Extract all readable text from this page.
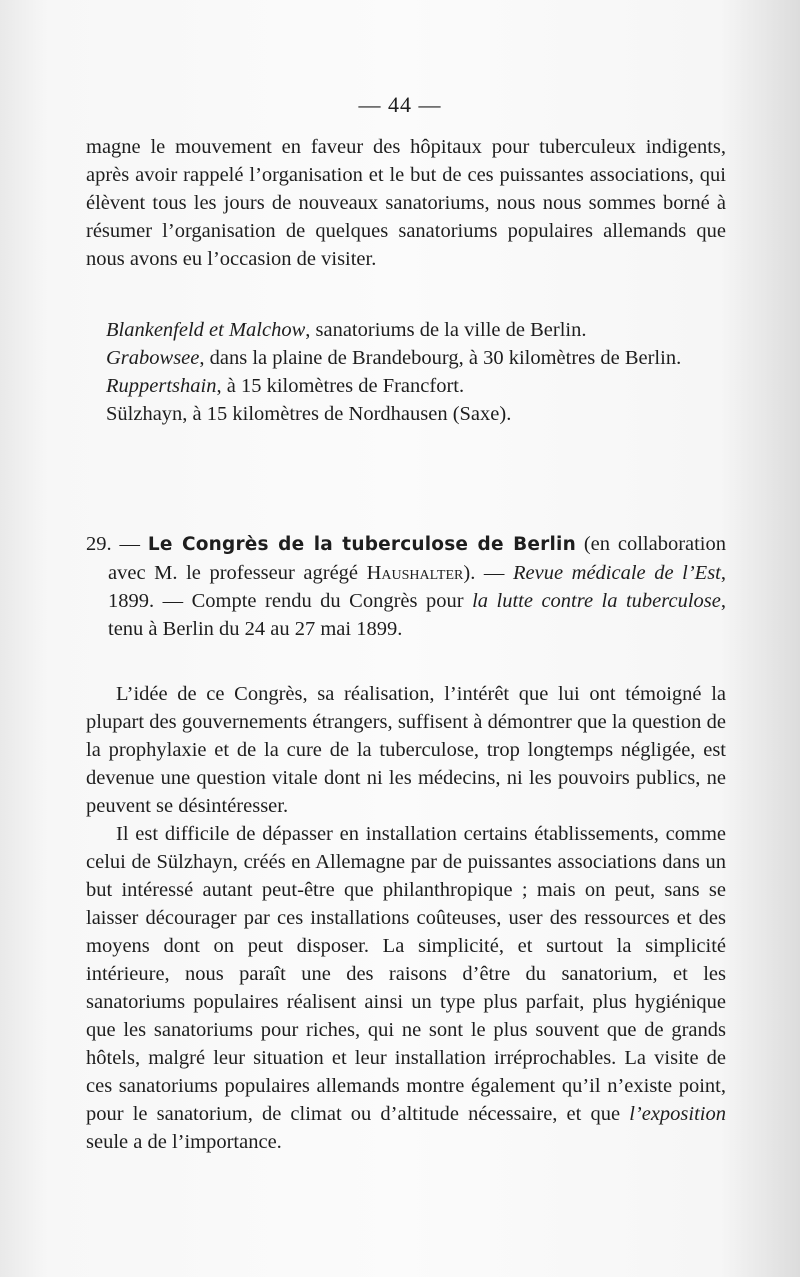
— 44 —

magne le mouvement en faveur des hôpitaux pour tuberculeux indigents, après avoir rappelé l’organisation et le but de ces puissantes associations, qui élèvent tous les jours de nouveaux sanatoriums, nous nous sommes borné à résumer l’organisation de quelques sanatoriums populaires allemands que nous avons eu l’occasion de visiter.

Blankenfeld et Malchow, sanatoriums de la ville de Berlin.

Grabowsee, dans la plaine de Brandebourg, à 30 kilomètres de Berlin.

Ruppertshain, à 15 kilomètres de Francfort.

Sülzhayn, à 15 kilomètres de Nordhausen (Saxe).

29. — Le Congrès de la tuberculose de Berlin (en collaboration avec M. le professeur agrégé Haushalter). — Revue médicale de l’Est, 1899. — Compte rendu du Congrès pour la lutte contre la tuberculose, tenu à Berlin du 24 au 27 mai 1899.

L’idée de ce Congrès, sa réalisation, l’intérêt que lui ont témoigné la plupart des gouvernements étrangers, suffisent à démontrer que la question de la prophylaxie et de la cure de la tuberculose, trop longtemps négligée, est devenue une question vitale dont ni les médecins, ni les pouvoirs publics, ne peuvent se désintéresser.

Il est difficile de dépasser en installation certains établissements, comme celui de Sülzhayn, créés en Allemagne par de puissantes associations dans un but intéressé autant peut-être que philanthropique ; mais on peut, sans se laisser décourager par ces installations coûteuses, user des ressources et des moyens dont on peut disposer. La simplicité, et surtout la simplicité intérieure, nous paraît une des raisons d’être du sanatorium, et les sanatoriums populaires réalisent ainsi un type plus parfait, plus hygiénique que les sanatoriums pour riches, qui ne sont le plus souvent que de grands hôtels, malgré leur situation et leur installation irréprochables. La visite de ces sanatoriums populaires allemands montre également qu’il n’existe point, pour le sanatorium, de climat ou d’altitude nécessaire, et que l’exposition seule a de l’importance.
